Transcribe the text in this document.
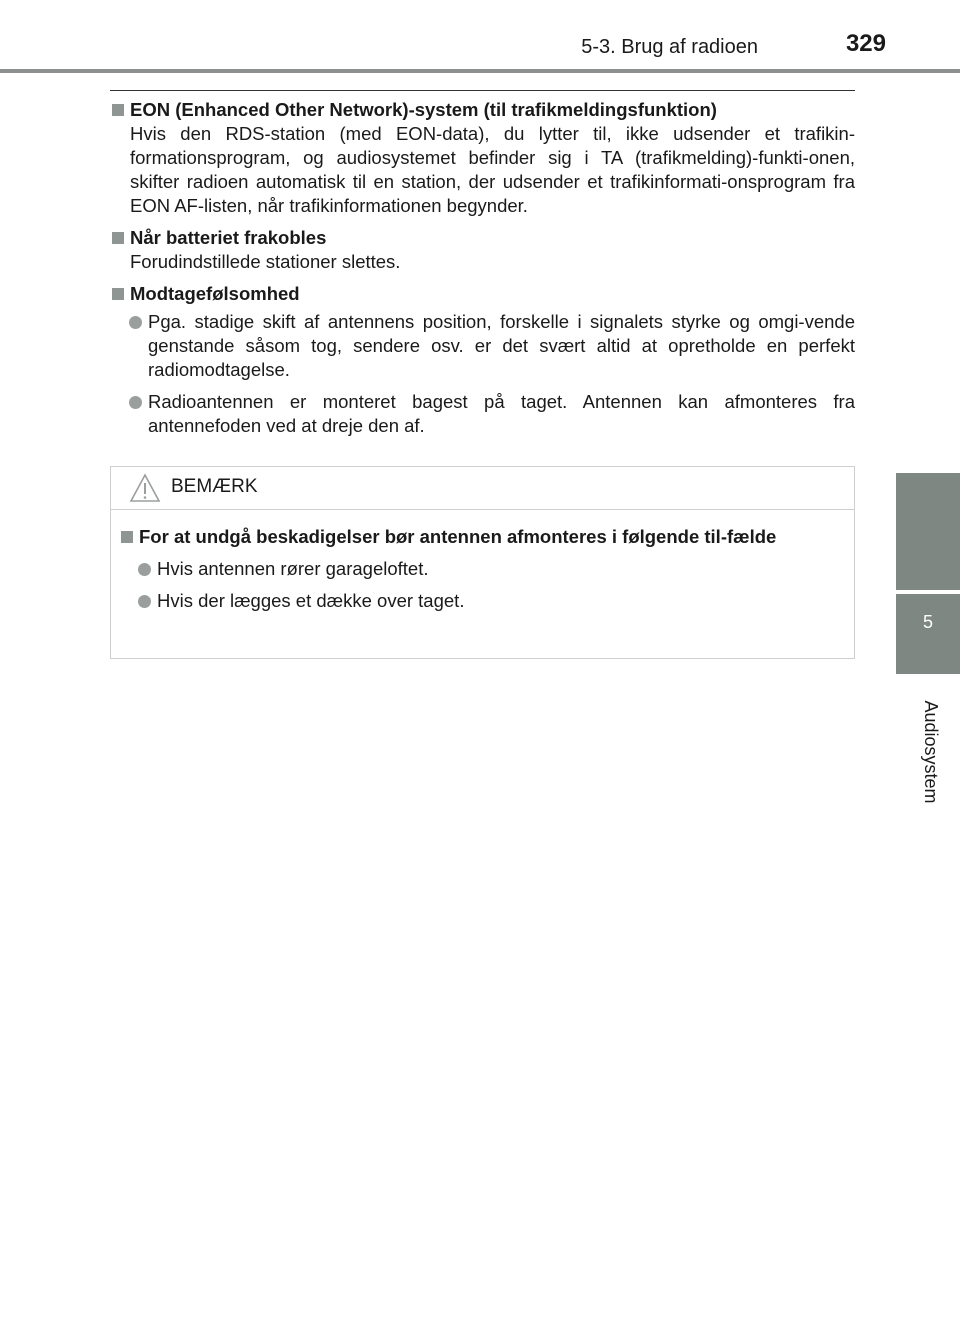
5-3. Brug af radioen	329
5
Audiosystem
EON (Enhanced Other Network)-system (til trafikmeldingsfunktion)
Hvis den RDS-station (med EON-data), du lytter til, ikke udsender et trafikin-formationsprogram, og audiosystemet befinder sig i TA (trafikmelding)-funkti-onen, skifter radioen automatisk til en station, der udsender et trafikinformati-onsprogram fra EON AF-listen, når trafikinformationen begynder.
Når batteriet frakobles
Forudindstillede stationer slettes.
Modtagefølsomhed
Pga. stadige skift af antennens position, forskelle i signalets styrke og omgi-vende genstande såsom tog, sendere osv. er det svært altid at opretholde en perfekt radiomodtagelse.
Radioantennen er monteret bagest på taget. Antennen kan afmonteres fra antennefoden ved at dreje den af.
BEMÆRK
For at undgå beskadigelser bør antennen afmonteres i følgende til-fælde
Hvis antennen rører garageloftet.
Hvis der lægges et dække over taget.
